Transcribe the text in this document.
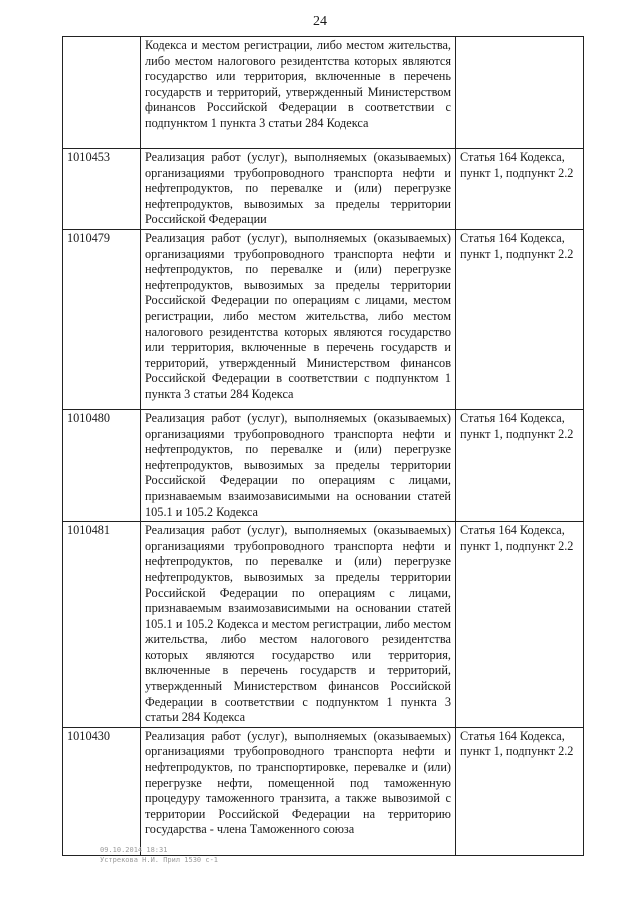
24
	Кодекса и местом регистрации, либо местом жительства, либо местом налогового резидентства которых являются государство или территория, включенные в перечень государств и территорий, утвержденный Министерством финансов Российской Федерации в соответствии с подпунктом 1 пункта 3 статьи 284 Кодекса	
1010453	Реализация работ (услуг), выполняемых (оказываемых) организациями трубопроводного транспорта нефти и нефтепродуктов, по перевалке и (или) перегрузке нефтепродуктов, вывозимых за пределы территории Российской Федерации	Статья 164 Кодекса, пункт 1, подпункт 2.2
1010479	Реализация работ (услуг), выполняемых (оказываемых) организациями трубопроводного транспорта нефти и нефтепродуктов, по перевалке и (или) перегрузке нефтепродуктов, вывозимых за пределы территории Российской Федерации по операциям с лицами, местом регистрации, либо местом жительства, либо местом налогового резидентства которых являются государство или территория, включенные в перечень государств и территорий, утвержденный Министерством финансов Российской Федерации в соответствии с подпунктом 1 пункта 3 статьи 284 Кодекса	Статья 164 Кодекса, пункт 1, подпункт 2.2
1010480	Реализация работ (услуг), выполняемых (оказываемых) организациями трубопроводного транспорта нефти и нефтепродуктов, по перевалке и (или) перегрузке нефтепродуктов, вывозимых за пределы территории Российской Федерации по операциям с лицами, признаваемым взаимозависимыми на основании статей 105.1 и 105.2 Кодекса	Статья 164 Кодекса, пункт 1, подпункт 2.2
1010481	Реализация работ (услуг), выполняемых (оказываемых) организациями трубопроводного транспорта нефти и нефтепродуктов, по перевалке и (или) перегрузке нефтепродуктов, вывозимых за пределы территории Российской Федерации по операциям с лицами, признаваемым взаимозависимыми на основании статей 105.1 и 105.2 Кодекса и местом регистрации, либо местом жительства, либо местом налогового резидентства которых являются государство или территория, включенные в перечень государств и территорий, утвержденный Министерством финансов Российской Федерации в соответствии с подпунктом 1 пункта 3 статьи 284 Кодекса	Статья 164 Кодекса, пункт 1, подпункт 2.2
1010430	Реализация работ (услуг), выполняемых (оказываемых) организациями трубопроводного транспорта нефти и нефтепродуктов, по транспортировке, перевалке и (или) перегрузке нефти, помещенной под таможенную процедуру таможенного транзита, а также вывозимой с территории Российской Федерации на территорию государства - члена Таможенного союза	Статья 164 Кодекса, пункт 1, подпункт 2.2
09.10.2014 18:31
Устрекова Н.И. Прил 1530 с-1
